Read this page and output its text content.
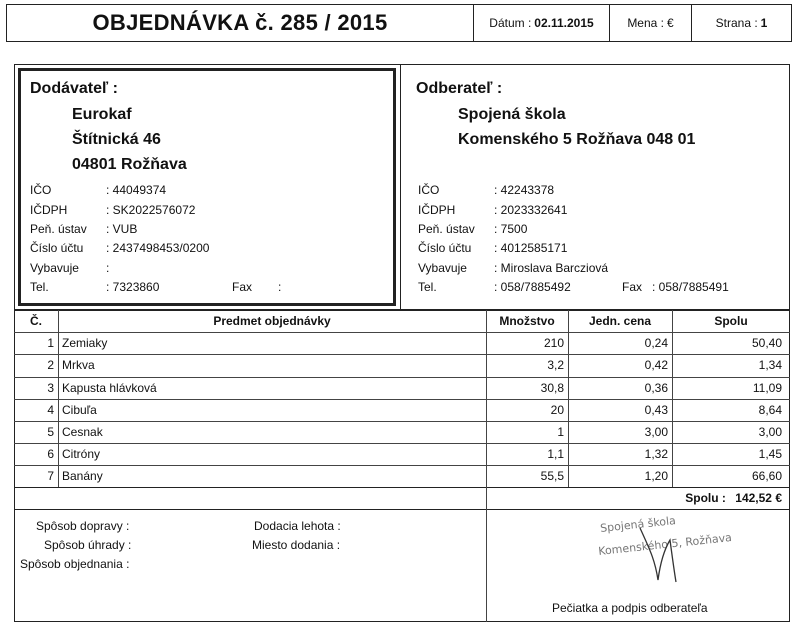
OBJEDNÁVKA č. 285 / 2015	Dátum : 02.11.2015	Mena : €	Strana : 1
Dodávateľ :
Eurokaf
Štítnická 46
04801 Rožňava
IČO	: 44049374
IČDPH	: SK2022576072
Peň. ústav : VUB
Číslo účtu : 2437498453/0200
Vybavuje :
Tel.	: 7323860	Fax :
Odberateľ :
Spojená škola
Komenského 5 Rožňava 048 01
IČO	: 42243378
IČDPH	: 2023332641
Peň. ústav : 7500
Číslo účtu : 4012585171
Vybavuje : Miroslava Barcziová
Tel.	: 058/7885492	Fax : 058/7885491
Č.	Predmet objednávky	Množstvo	Jedn. cena	Spolu
1 Zemiaky	210	0,24	50,40
2 Mrkva	3,2	0,42	1,34
3 Kapusta hlávková	30,8	0,36	11,09
4 Cibuľa	20	0,43	8,64
5 Cesnak	1	3,00	3,00
6 Citróny	1,1	1,32	1,45
7 Banány	55,5	1,20	66,60
Spolu : 142,52 €
Spôsob dopravy :
Spôsob úhrady :
Spôsob objednania :
Dodacia lehota :
Miesto dodania :
Spojená škola
Komenského 5, Rožňava
Pečiatka a podpis odberateľa
